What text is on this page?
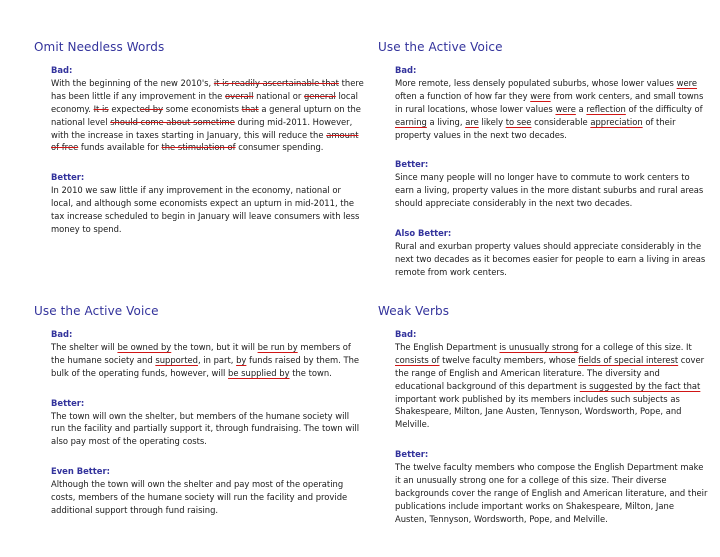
Omit Needless Words
Bad:
With the beginning of the new 2010's, it is readily ascertainable that there has been little if any improvement in the overall national or general local economy. It is expected by some economists that a general upturn on the national level should come about sometime during mid-2011. However, with the increase in taxes starting in January, this will reduce the amount of free funds available for the stimulation of consumer spending.
Better:
In 2010 we saw little if any improvement in the economy, national or local, and although some economists expect an upturn in mid-2011, the tax increase scheduled to begin in January will leave consumers with less money to spend.
Use the Active Voice
Bad:
More remote, less densely populated suburbs, whose lower values were often a function of how far they were from work centers, and small towns in rural locations, whose lower values were a reflection of the difficulty of earning a living, are likely to see considerable appreciation of their property values in the next two decades.
Better:
Since many people will no longer have to commute to work centers to earn a living, property values in the more distant suburbs and rural areas should appreciate considerably in the next two decades.
Also Better:
Rural and exurban property values should appreciate considerably in the next two decades as it becomes easier for people to earn a living in areas remote from work centers.
Use the Active Voice
Bad:
The shelter will be owned by the town, but it will be run by members of the humane society and supported, in part, by funds raised by them. The bulk of the operating funds, however, will be supplied by the town.
Better:
The town will own the shelter, but members of the humane society will run the facility and partially support it, through fundraising. The town will also pay most of the operating costs.
Even Better:
Although the town will own the shelter and pay most of the operating costs, members of the humane society will run the facility and provide additional support through fund raising.
Weak Verbs
Bad:
The English Department is unusually strong for a college of this size. It consists of twelve faculty members, whose fields of special interest cover the range of English and American literature. The diversity and educational background of this department is suggested by the fact that important work published by its members includes such subjects as Shakespeare, Milton, Jane Austen, Tennyson, Wordsworth, Pope, and Melville.
Better:
The twelve faculty members who compose the English Department make it an unusually strong one for a college of this size. Their diverse backgrounds cover the range of English and American literature, and their publications include important works on Shakespeare, Milton, Jane Austen, Tennyson, Wordsworth, Pope, and Melville.
